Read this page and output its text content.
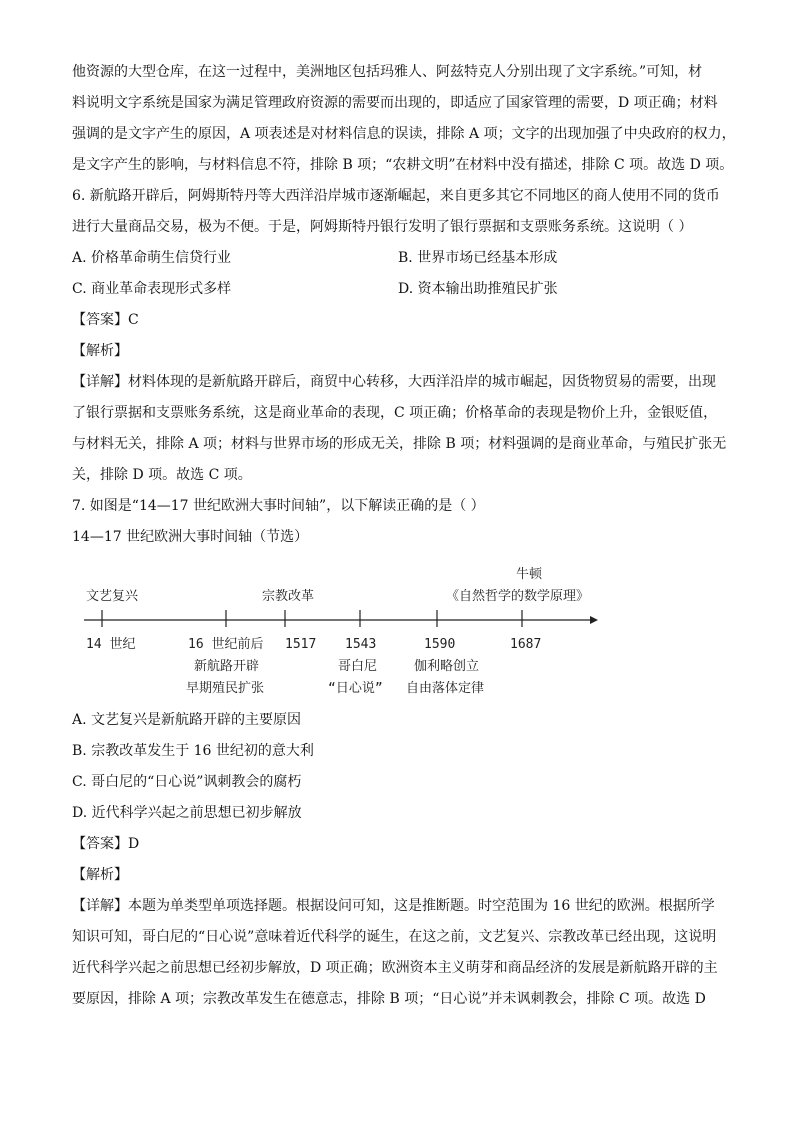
他资源的大型仓库，在这一过程中，美洲地区包括玛雅人、阿兹特克人分别出现了文字系统。”可知，材
料说明文字系统是国家为满足管理政府资源的需要而出现的，即适应了国家管理的需要，D 项正确；材料
强调的是文字产生的原因，A 项表述是对材料信息的误读，排除 A 项；文字的出现加强了中央政府的权力，
是文字产生的影响，与材料信息不符，排除 B 项；“农耕文明”在材料中没有描述，排除 C 项。故选 D 项。
6. 新航路开辟后，阿姆斯特丹等大西洋沿岸城市逐渐崛起，来自更多其它不同地区的商人使用不同的货币
进行大量商品交易，极为不便。于是，阿姆斯特丹银行发明了银行票据和支票账务系统。这说明（ ）
A. 价格革命萌生信贷行业	B. 世界市场已经基本形成
C. 商业革命表现形式多样	D. 资本输出助推殖民扩张
【答案】C
【解析】
【详解】材料体现的是新航路开辟后，商贸中心转移，大西洋沿岸的城市崛起，因货物贸易的需要，出现
了银行票据和支票账务系统，这是商业革命的表现，C 项正确；价格革命的表现是物价上升，金银贬值，
与材料无关，排除 A 项；材料与世界市场的形成无关，排除 B 项；材料强调的是商业革命，与殖民扩张无
关，排除 D 项。故选 C 项。
7. 如图是“14—17 世纪欧洲大事时间轴”，以下解读正确的是（ ）
14—17 世纪欧洲大事时间轴（节选）
文艺复兴	宗教改革
牛顿
《自然哲学的数学原理》
14 世纪	16 世纪前后 1517 1543	1590	1687
新航路开辟
早期殖民扩张
哥白尼
“日心说”
伽利略创立
自由落体定律
A. 文艺复兴是新航路开辟的主要原因
B. 宗教改革发生于 16 世纪初的意大利
C. 哥白尼的“日心说”讽刺教会的腐朽
D. 近代科学兴起之前思想已初步解放
【答案】D
【解析】
【详解】本题为单类型单项选择题。根据设问可知，这是推断题。时空范围为 16 世纪的欧洲。根据所学
知识可知，哥白尼的“日心说”意味着近代科学的诞生，在这之前，文艺复兴、宗教改革已经出现，这说明
近代科学兴起之前思想已经初步解放，D 项正确；欧洲资本主义萌芽和商品经济的发展是新航路开辟的主
要原因，排除 A 项；宗教改革发生在德意志，排除 B 项；“日心说”并未讽刺教会，排除 C 项。故选 D
